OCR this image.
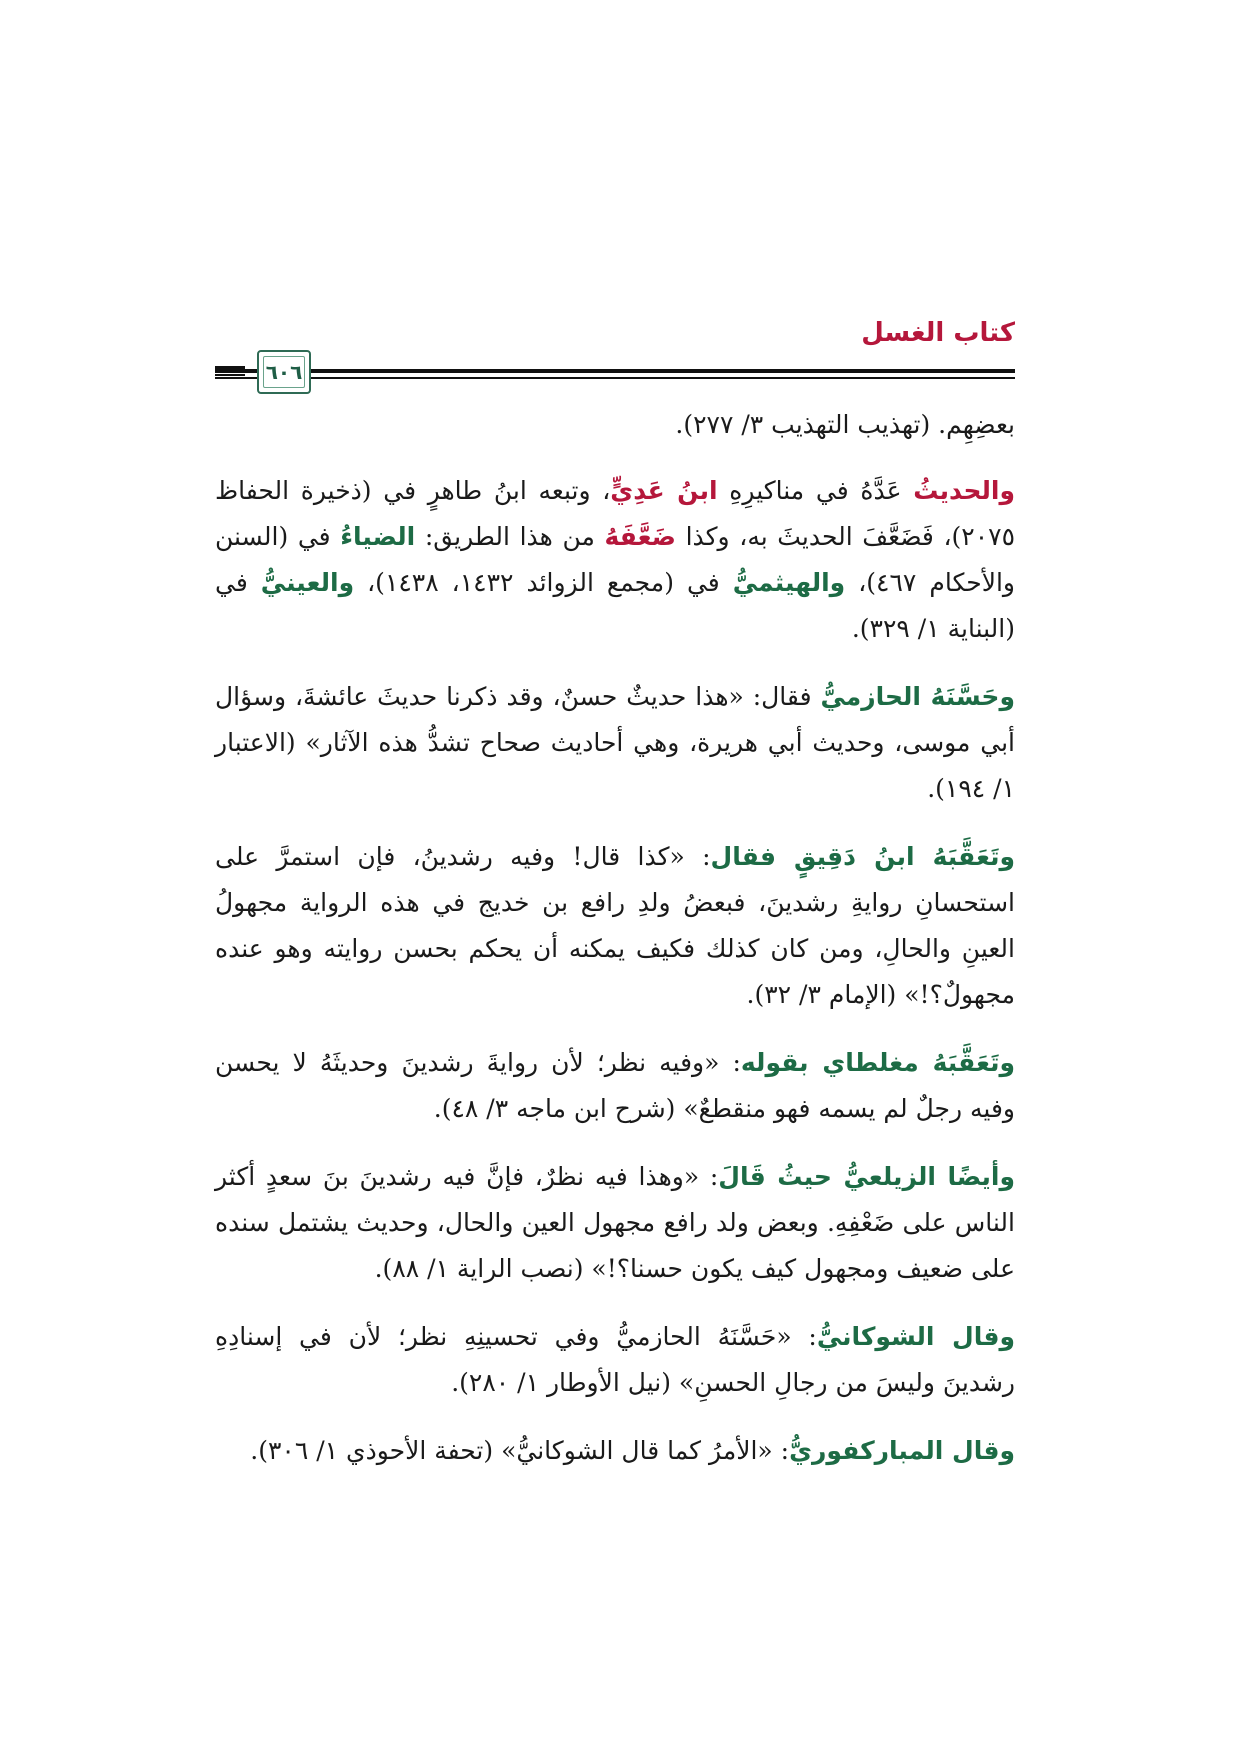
كتاب الغسل
٦٠٦

بعضِهِم. (تهذيب التهذيب ٣/ ٢٧٧).

والحديثُ عَدَّهُ في مناكيرِهِ ابنُ عَدِيٍّ، وتبعه ابنُ طاهرٍ في (ذخيرة الحفاظ ٢٠٧٥)، فَضَعَّفَ الحديثَ به، وكذا ضَعَّفَهُ من هذا الطريق: الضياءُ في (السنن والأحكام ٤٦٧)، والهيثميُّ في (مجمع الزوائد ١٤٣٢، ١٤٣٨)، والعينيُّ في (البناية ١/ ٣٢٩).

وحَسَّنَهُ الحازميُّ فقال: «هذا حديثٌ حسنٌ، وقد ذكرنا حديثَ عائشةَ، وسؤال أبي موسى، وحديث أبي هريرة، وهي أحاديث صحاح تشدُّ هذه الآثار» (الاعتبار ١/ ١٩٤).

وتَعَقَّبَهُ ابنُ دَقِيقٍ فقال: «كذا قال! وفيه رشدينُ، فإن استمرَّ على استحسانِ روايةِ رشدينَ، فبعضُ ولدِ رافع بن خديج في هذه الرواية مجهولُ العينِ والحالِ، ومن كان كذلك فكيف يمكنه أن يحكم بحسن روايته وهو عنده مجهولٌ؟!» (الإمام ٣/ ٣٢).

وتَعَقَّبَهُ مغلطاي بقوله: «وفيه نظر؛ لأن روايةَ رشدينَ وحديثَهُ لا يحسن وفيه رجلٌ لم يسمه فهو منقطعٌ» (شرح ابن ماجه ٣/ ٤٨).

وأيضًا الزيلعيُّ حيثُ قَالَ: «وهذا فيه نظرٌ، فإنَّ فيه رشدينَ بنَ سعدٍ أكثر الناس على ضَعْفِهِ. وبعض ولد رافع مجهول العين والحال، وحديث يشتمل سنده على ضعيف ومجهول كيف يكون حسنا؟!» (نصب الراية ١/ ٨٨).

وقال الشوكانيُّ: «حَسَّنَهُ الحازميُّ وفي تحسينِهِ نظر؛ لأن في إسنادِهِ رشدينَ وليسَ من رجالِ الحسنِ» (نيل الأوطار ١/ ٢٨٠).

وقال المباركفوريُّ: «الأمرُ كما قال الشوكانيُّ» (تحفة الأحوذي ١/ ٣٠٦).
